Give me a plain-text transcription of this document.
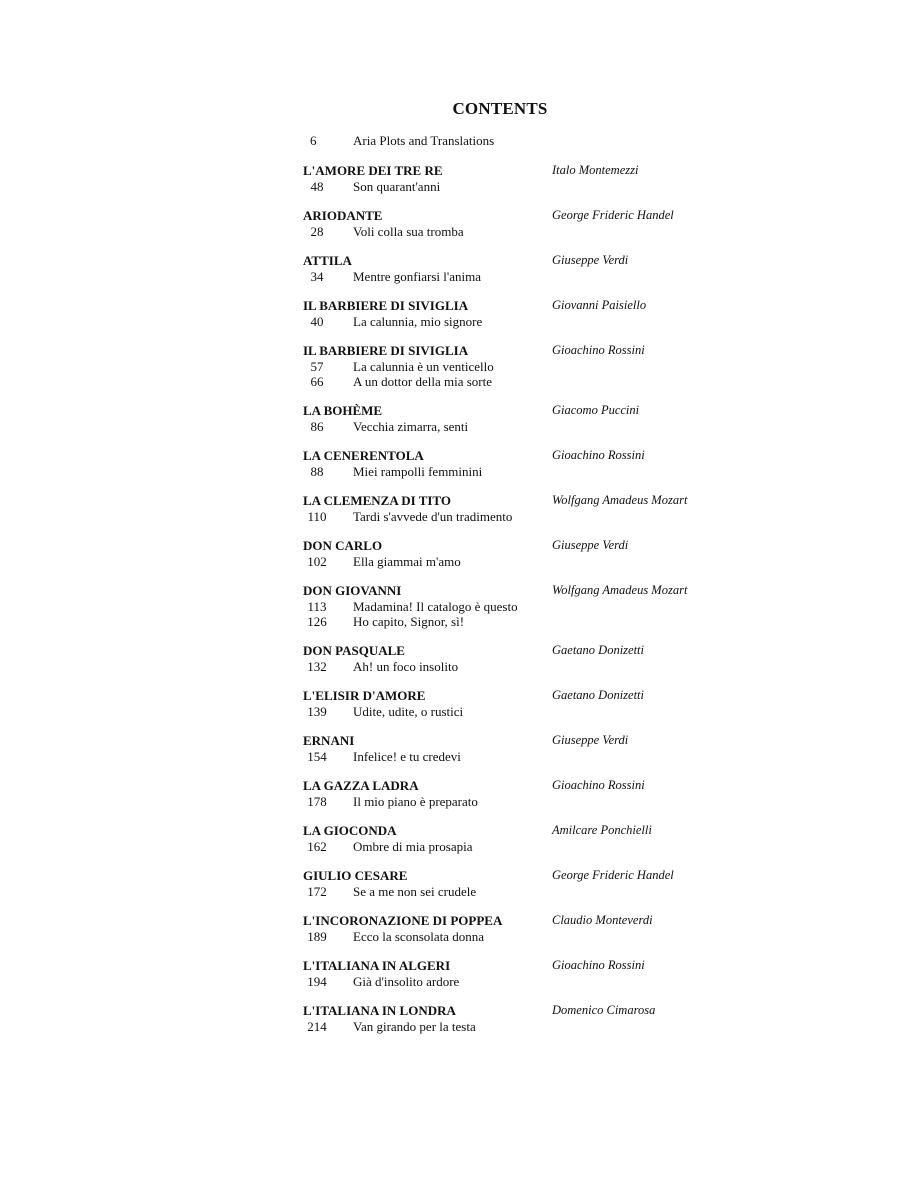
CONTENTS
6	Aria Plots and Translations
L'AMORE DEI TRE RE	Italo Montemezzi
48	Son quarant'anni
ARIODANTE	George Frideric Handel
28	Voli colla sua tromba
ATTILA	Giuseppe Verdi
34	Mentre gonfiarsi l'anima
IL BARBIERE DI SIVIGLIA	Giovanni Paisiello
40	La calunnia, mio signore
IL BARBIERE DI SIVIGLIA	Gioachino Rossini
57	La calunnia è un venticello
66	A un dottor della mia sorte
LA BOHÈME	Giacomo Puccini
86	Vecchia zimarra, senti
LA CENERENTOLA	Gioachino Rossini
88	Miei rampolli femminini
LA CLEMENZA DI TITO	Wolfgang Amadeus Mozart
110	Tardi s'avvede d'un tradimento
DON CARLO	Giuseppe Verdi
102	Ella giammai m'amo
DON GIOVANNI	Wolfgang Amadeus Mozart
113	Madamina! Il catalogo è questo
126	Ho capito, Signor, sì!
DON PASQUALE	Gaetano Donizetti
132	Ah! un foco insolito
L'ELISIR D'AMORE	Gaetano Donizetti
139	Udite, udite, o rustici
ERNANI	Giuseppe Verdi
154	Infelice! e tu credevi
LA GAZZA LADRA	Gioachino Rossini
178	Il mio piano è preparato
LA GIOCONDA	Amilcare Ponchielli
162	Ombre di mia prosapia
GIULIO CESARE	George Frideric Handel
172	Se a me non sei crudele
L'INCORONAZIONE DI POPPEA	Claudio Monteverdi
189	Ecco la sconsolata donna
L'ITALIANA IN ALGERI	Gioachino Rossini
194	Già d'insolito ardore
L'ITALIANA IN LONDRA	Domenico Cimarosa
214	Van girando per la testa
